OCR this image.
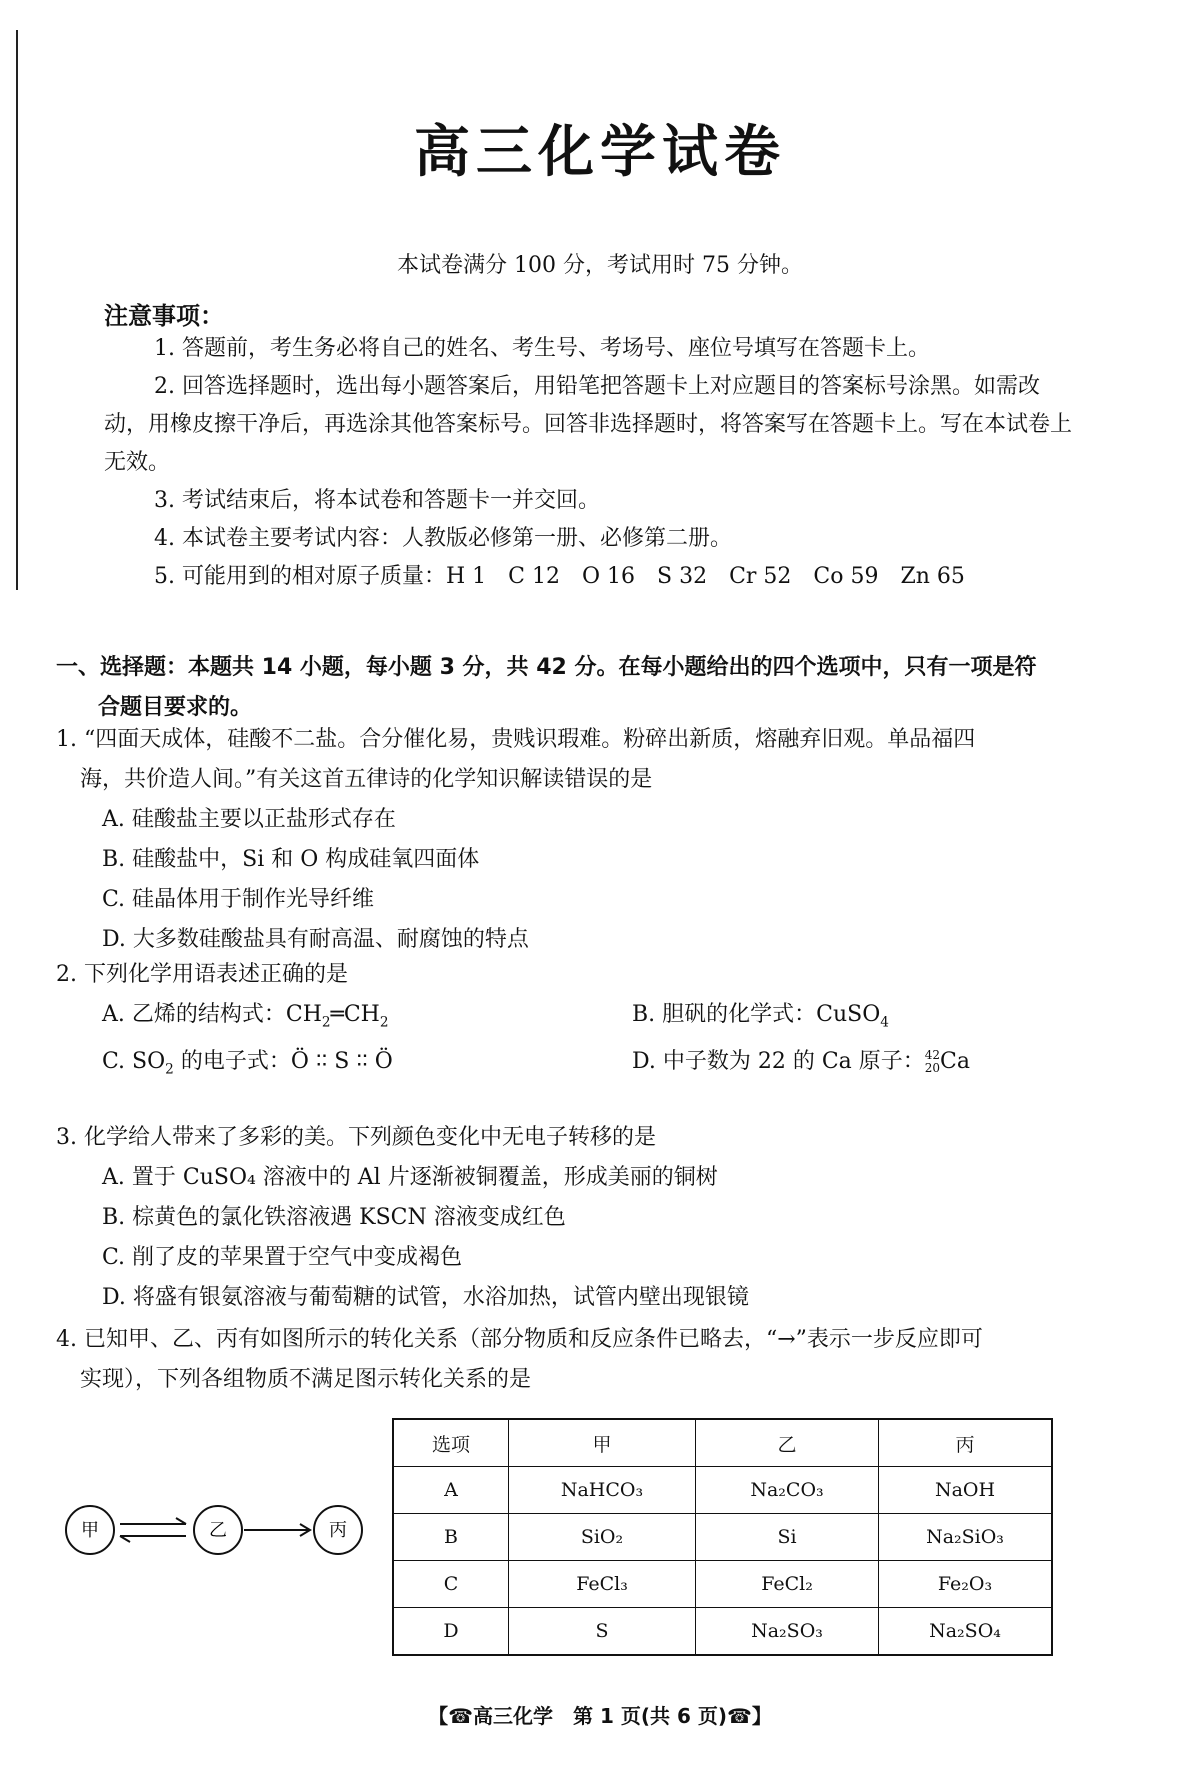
高三化学试卷
本试卷满分 100 分，考试用时 75 分钟。
注意事项：
1. 答题前，考生务必将自己的姓名、考生号、考场号、座位号填写在答题卡上。
2. 回答选择题时，选出每小题答案后，用铅笔把答题卡上对应题目的答案标号涂黑。如需改动，用橡皮擦干净后，再选涂其他答案标号。回答非选择题时，将答案写在答题卡上。写在本试卷上无效。
3. 考试结束后，将本试卷和答题卡一并交回。
4. 本试卷主要考试内容：人教版必修第一册、必修第二册。
5. 可能用到的相对原子质量：H 1　C 12　O 16　S 32　Cr 52　Co 59　Zn 65
一、选择题：本题共 14 小题，每小题 3 分，共 42 分。在每小题给出的四个选项中，只有一项是符
合题目要求的。
1. “四面天成体，硅酸不二盐。合分催化易，贵贱识瑕难。粉碎出新质，熔融弃旧观。单品福四
海，共价造人间。”有关这首五律诗的化学知识解读错误的是
A. 硅酸盐主要以正盐形式存在
B. 硅酸盐中，Si 和 O 构成硅氧四面体
C. 硅晶体用于制作光导纤维
D. 大多数硅酸盐具有耐高温、耐腐蚀的特点
2. 下列化学用语表述正确的是
A. 乙烯的结构式：$CH_2═CH_2$	B. 胆矾的化学式：CuSO$_4$
C. $SO_2$ 的电子式：Ö ∶∶ S ∶∶ Ö	D. 中子数为 22 的 Ca 原子： 42
20 Ca
3. 化学给人带来了多彩的美。下列颜色变化中无电子转移的是
A. 置于 CuSO₄ 溶液中的 Al 片逐渐被铜覆盖，形成美丽的铜树
B. 棕黄色的氯化铁溶液遇 KSCN 溶液变成红色
C. 削了皮的苹果置于空气中变成褐色
D. 将盛有银氨溶液与葡萄糖的试管，水浴加热，试管内壁出现银镜
4. 已知甲、乙、丙有如图所示的转化关系（部分物质和反应条件已略去，“→”表示一步反应即可
实现），下列各组物质不满足图示转化关系的是
甲	乙	丙
选项	甲	乙	丙
A	NaHCO₃	Na₂CO₃	NaOH
B	SiO₂	Si	Na₂SiO₃
C	FeCl₃	FeCl₂	Fe₂O₃
D	S	Na₂SO₃	Na₂SO₄
【☎高三化学　第 1 页(共 6 页)☎】
